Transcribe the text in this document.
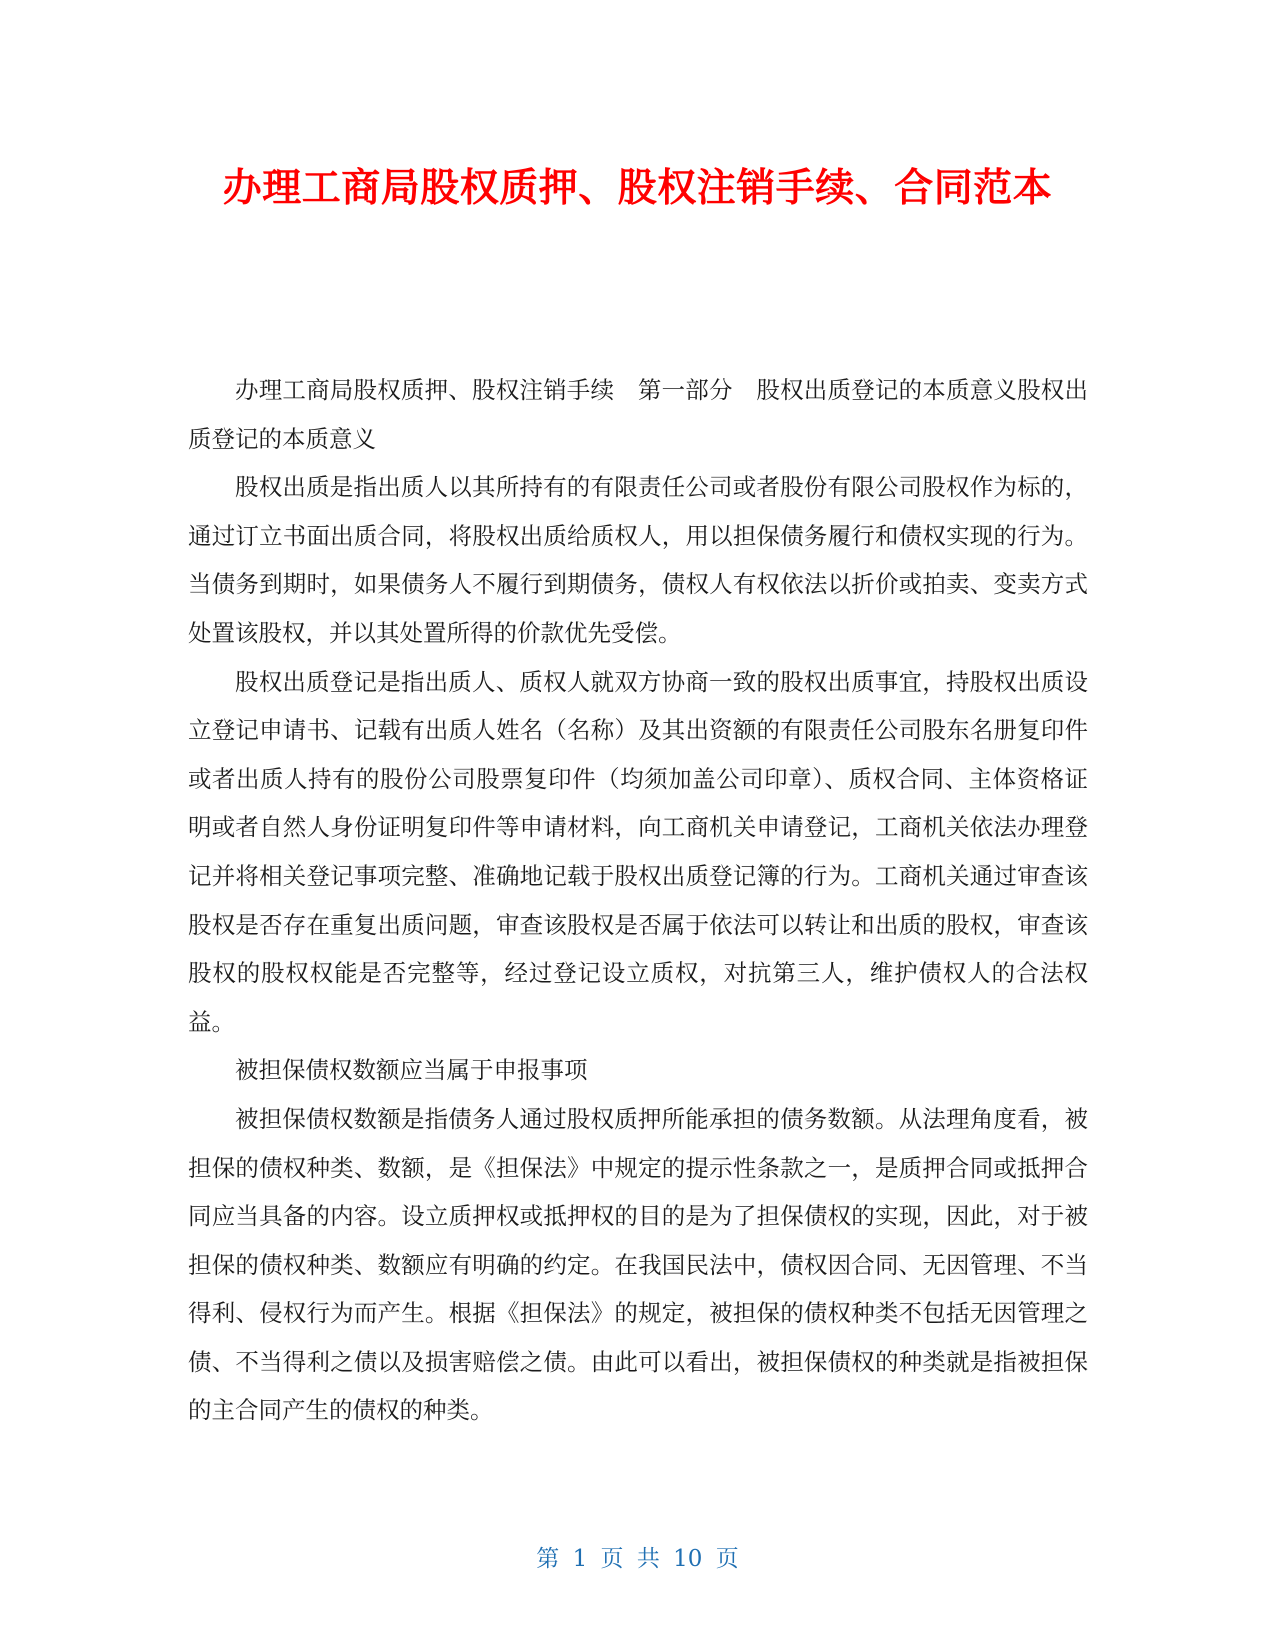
办理工商局股权质押、股权注销手续、合同范本

办理工商局股权质押、股权注销手续　第一部分　股权出质登记的本质意义股权出质登记的本质意义

股权出质是指出质人以其所持有的有限责任公司或者股份有限公司股权作为标的，通过订立书面出质合同，将股权出质给质权人，用以担保债务履行和债权实现的行为。当债务到期时，如果债务人不履行到期债务，债权人有权依法以折价或拍卖、变卖方式处置该股权，并以其处置所得的价款优先受偿。

股权出质登记是指出质人、质权人就双方协商一致的股权出质事宜，持股权出质设立登记申请书、记载有出质人姓名（名称）及其出资额的有限责任公司股东名册复印件或者出质人持有的股份公司股票复印件（均须加盖公司印章）、质权合同、主体资格证明或者自然人身份证明复印件等申请材料，向工商机关申请登记，工商机关依法办理登记并将相关登记事项完整、准确地记载于股权出质登记簿的行为。工商机关通过审查该股权是否存在重复出质问题，审查该股权是否属于依法可以转让和出质的股权，审查该股权的股权权能是否完整等，经过登记设立质权，对抗第三人，维护债权人的合法权益。

被担保债权数额应当属于申报事项

被担保债权数额是指债务人通过股权质押所能承担的债务数额。从法理角度看，被担保的债权种类、数额，是《担保法》中规定的提示性条款之一，是质押合同或抵押合同应当具备的内容。设立质押权或抵押权的目的是为了担保债权的实现，因此，对于被担保的债权种类、数额应有明确的约定。在我国民法中，债权因合同、无因管理、不当得利、侵权行为而产生。根据《担保法》的规定，被担保的债权种类不包括无因管理之债、不当得利之债以及损害赔偿之债。由此可以看出，被担保债权的种类就是指被担保的主合同产生的债权的种类。

第 1 页 共 10 页
